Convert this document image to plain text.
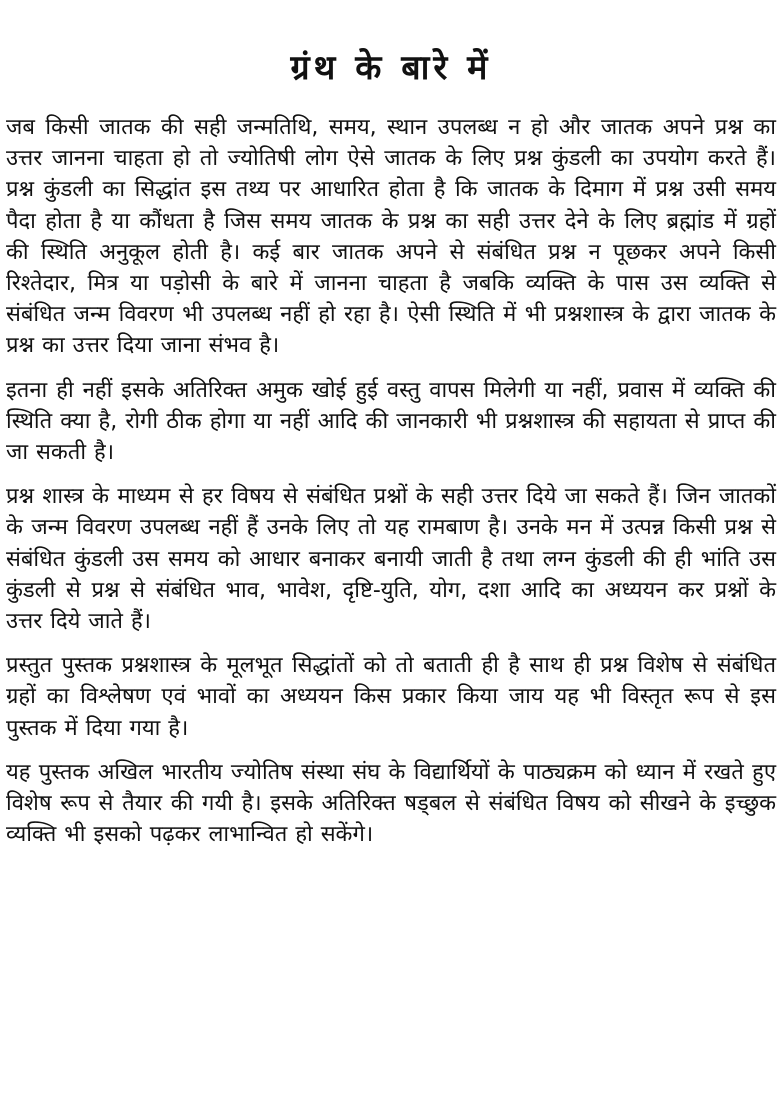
ग्रंथ के बारे में

जब किसी जातक की सही जन्मतिथि, समय, स्थान उपलब्ध न हो और जातक अपने प्रश्न का उत्तर जानना चाहता हो तो ज्योतिषी लोग ऐसे जातक के लिए प्रश्न कुंडली का उपयोग करते हैं। प्रश्न कुंडली का सिद्धांत इस तथ्य पर आधारित होता है कि जातक के दिमाग में प्रश्न उसी समय पैदा होता है या कौंधता है जिस समय जातक के प्रश्न का सही उत्तर देने के लिए ब्रह्मांड में ग्रहों की स्थिति अनुकूल होती है। कई बार जातक अपने से संबंधित प्रश्न न पूछकर अपने किसी रिश्तेदार, मित्र या पड़ोसी के बारे में जानना चाहता है जबकि व्यक्ति के पास उस व्यक्ति से संबंधित जन्म विवरण भी उपलब्ध नहीं हो रहा है। ऐसी स्थिति में भी प्रश्नशास्त्र के द्वारा जातक के प्रश्न का उत्तर दिया जाना संभव है।

इतना ही नहीं इसके अतिरिक्त अमुक खोई हुई वस्तु वापस मिलेगी या नहीं, प्रवास में व्यक्ति की स्थिति क्या है, रोगी ठीक होगा या नहीं आदि की जानकारी भी प्रश्नशास्त्र की सहायता से प्राप्त की जा सकती है।

प्रश्न शास्त्र के माध्यम से हर विषय से संबंधित प्रश्नों के सही उत्तर दिये जा सकते हैं। जिन जातकों के जन्म विवरण उपलब्ध नहीं हैं उनके लिए तो यह रामबाण है। उनके मन में उत्पन्न किसी प्रश्न से संबंधित कुंडली उस समय को आधार बनाकर बनायी जाती है तथा लग्न कुंडली की ही भांति उस कुंडली से प्रश्न से संबंधित भाव, भावेश, दृष्टि-युति, योग, दशा आदि का अध्ययन कर प्रश्नों के उत्तर दिये जाते हैं।

प्रस्तुत पुस्तक प्रश्नशास्त्र के मूलभूत सिद्धांतों को तो बताती ही है साथ ही प्रश्न विशेष से संबंधित ग्रहों का विश्लेषण एवं भावों का अध्ययन किस प्रकार किया जाय यह भी विस्तृत रूप से इस पुस्तक में दिया गया है।

यह पुस्तक अखिल भारतीय ज्योतिष संस्था संघ के विद्यार्थियों के पाठ्यक्रम को ध्यान में रखते हुए विशेष रूप से तैयार की गयी है। इसके अतिरिक्त षड्बल से संबंधित विषय को सीखने के इच्छुक व्यक्ति भी इसको पढ़कर लाभान्वित हो सकेंगे।
